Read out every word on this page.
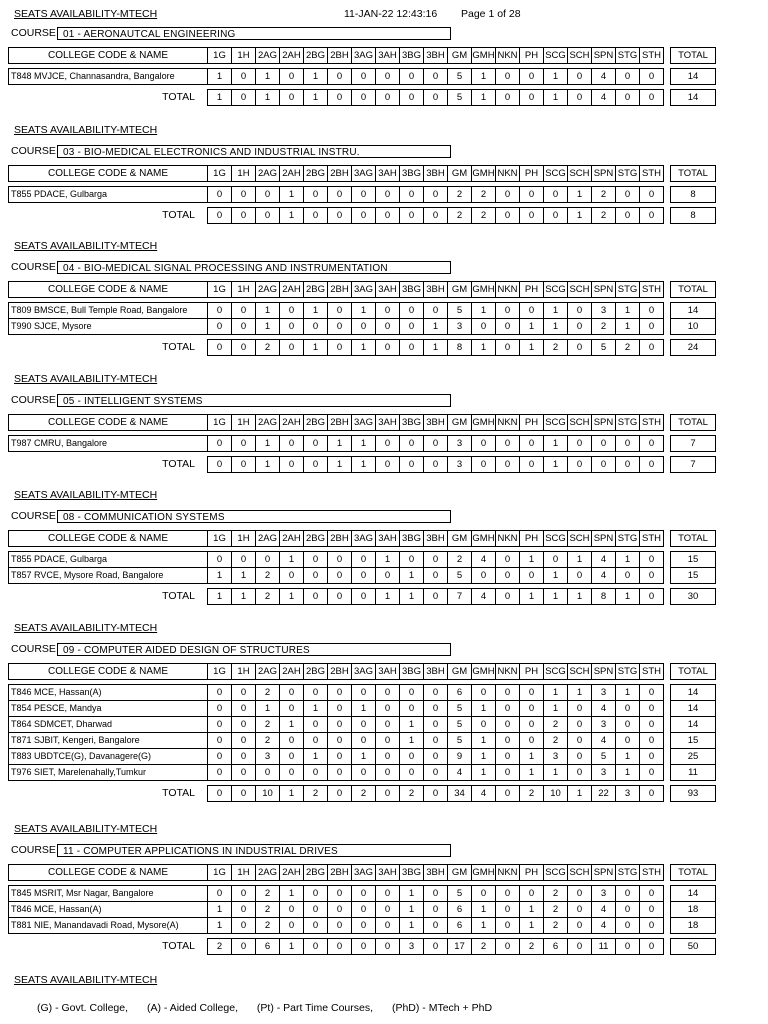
SEATS AVAILABILITY-MTECH	11-JAN-22 12:43:16 Page 1 of 28
COURSE 01 - AERONAUTCAL ENGINEERING
COLLEGE CODE & NAME	1G	1H	2AG	2AH	2BG	2BH	3AG	3AH	3BG	3BH	GM	GMH	NKN	PH	SCG	SCH	SPN	STG	STH		TOTAL

T848 MVJCE, Channasandra, Bangalore	1	0	1	0	1	0	0	0	0	0	5	1	0	0	1	0	4	0	0		14

TOTAL	1	0	1	0	1	0	0	0	0	0	5	1	0	0	1	0	4	0	0		14
SEATS AVAILABILITY-MTECH
COURSE 03 - BIO-MEDICAL ELECTRONICS AND INDUSTRIAL INSTRU.
COLLEGE CODE & NAME	1G	1H	2AG	2AH	2BG	2BH	3AG	3AH	3BG	3BH	GM	GMH	NKN	PH	SCG	SCH	SPN	STG	STH		TOTAL

T855 PDACE, Gulbarga	0	0	0	1	0	0	0	0	0	0	2	2	0	0	0	1	2	0	0		8

TOTAL	0	0	0	1	0	0	0	0	0	0	2	2	0	0	0	1	2	0	0		8
SEATS AVAILABILITY-MTECH
COURSE 04 - BIO-MEDICAL SIGNAL PROCESSING AND INSTRUMENTATION
COLLEGE CODE & NAME	1G	1H	2AG	2AH	2BG	2BH	3AG	3AH	3BG	3BH	GM	GMH	NKN	PH	SCG	SCH	SPN	STG	STH		TOTAL

T809 BMSCE, Bull Temple Road, Bangalore	0	0	1	0	1	0	1	0	0	0	5	1	0	0	1	0	3	1	0		14
T990 SJCE, Mysore	0	0	1	0	0	0	0	0	0	1	3	0	0	1	1	0	2	1	0		10

TOTAL	0	0	2	0	1	0	1	0	0	1	8	1	0	1	2	0	5	2	0		24
SEATS AVAILABILITY-MTECH
COURSE 05 - INTELLIGENT SYSTEMS
COLLEGE CODE & NAME	1G	1H	2AG	2AH	2BG	2BH	3AG	3AH	3BG	3BH	GM	GMH	NKN	PH	SCG	SCH	SPN	STG	STH		TOTAL

T987 CMRU, Bangalore	0	0	1	0	0	1	1	0	0	0	3	0	0	0	1	0	0	0	0		7

TOTAL	0	0	1	0	0	1	1	0	0	0	3	0	0	0	1	0	0	0	0		7
SEATS AVAILABILITY-MTECH
COURSE 08 - COMMUNICATION SYSTEMS
COLLEGE CODE & NAME	1G	1H	2AG	2AH	2BG	2BH	3AG	3AH	3BG	3BH	GM	GMH	NKN	PH	SCG	SCH	SPN	STG	STH		TOTAL

T855 PDACE, Gulbarga	0	0	0	1	0	0	0	1	0	0	2	4	0	1	0	1	4	1	0		15
T857 RVCE, Mysore Road, Bangalore	1	1	2	0	0	0	0	0	1	0	5	0	0	0	1	0	4	0	0		15

TOTAL	1	1	2	1	0	0	0	1	1	0	7	4	0	1	1	1	8	1	0		30
SEATS AVAILABILITY-MTECH
COURSE 09 - COMPUTER AIDED DESIGN OF STRUCTURES
COLLEGE CODE & NAME	1G	1H	2AG	2AH	2BG	2BH	3AG	3AH	3BG	3BH	GM	GMH	NKN	PH	SCG	SCH	SPN	STG	STH		TOTAL

T846 MCE, Hassan(A)	0	0	2	0	0	0	0	0	0	0	6	0	0	0	1	1	3	1	0		14
T854 PESCE, Mandya	0	0	1	0	1	0	1	0	0	0	5	1	0	0	1	0	4	0	0		14
T864 SDMCET, Dharwad	0	0	2	1	0	0	0	0	1	0	5	0	0	0	2	0	3	0	0		14
T871 SJBIT, Kengeri, Bangalore	0	0	2	0	0	0	0	0	1	0	5	1	0	0	2	0	4	0	0		15
T883 UBDTCE(G), Davanagere(G)	0	0	3	0	1	0	1	0	0	0	9	1	0	1	3	0	5	1	0		25
T976 SIET, Marelenahally,Tumkur	0	0	0	0	0	0	0	0	0	0	4	1	0	1	1	0	3	1	0		11

TOTAL	0	0	10	1	2	0	2	0	2	0	34	4	0	2	10	1	22	3	0		93
SEATS AVAILABILITY-MTECH
COURSE 11 - COMPUTER APPLICATIONS IN INDUSTRIAL DRIVES
COLLEGE CODE & NAME	1G	1H	2AG	2AH	2BG	2BH	3AG	3AH	3BG	3BH	GM	GMH	NKN	PH	SCG	SCH	SPN	STG	STH		TOTAL

T845 MSRIT, Msr Nagar, Bangalore	0	0	2	1	0	0	0	0	1	0	5	0	0	0	2	0	3	0	0		14
T846 MCE, Hassan(A)	1	0	2	0	0	0	0	0	1	0	6	1	0	1	2	0	4	0	0		18
T881 NIE, Manandavadi Road, Mysore(A)	1	0	2	0	0	0	0	0	1	0	6	1	0	1	2	0	4	0	0		18

TOTAL	2	0	6	1	0	0	0	0	3	0	17	2	0	2	6	0	11	0	0		50
SEATS AVAILABILITY-MTECH
(G) - Govt. College, (A) - Aided College, (Pt) - Part Time Courses, (PhD) - MTech + PhD
